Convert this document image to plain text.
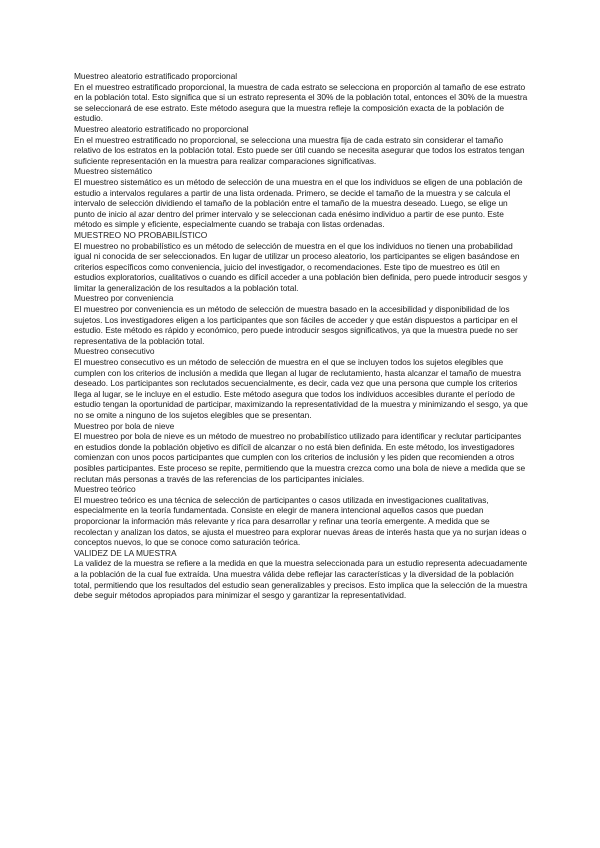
Muestreo aleatorio estratificado proporcional

En el muestreo estratificado proporcional, la muestra de cada estrato se selecciona en proporción al tamaño de ese estrato en la población total. Esto significa que si un estrato representa el 30% de la población total, entonces el 30% de la muestra se seleccionará de ese estrato. Este método asegura que la muestra refleje la composición exacta de la población de estudio.

Muestreo aleatorio estratificado no proporcional

En el muestreo estratificado no proporcional, se selecciona una muestra fija de cada estrato sin considerar el tamaño relativo de los estratos en la población total. Esto puede ser útil cuando se necesita asegurar que todos los estratos tengan suficiente representación en la muestra para realizar comparaciones significativas.

Muestreo sistemático

El muestreo sistemático es un método de selección de una muestra en el que los individuos se eligen de una población de estudio a intervalos regulares a partir de una lista ordenada. Primero, se decide el tamaño de la muestra y se calcula el intervalo de selección dividiendo el tamaño de la población entre el tamaño de la muestra deseado. Luego, se elige un punto de inicio al azar dentro del primer intervalo y se seleccionan cada enésimo individuo a partir de ese punto. Este método es simple y eficiente, especialmente cuando se trabaja con listas ordenadas.

MUESTREO NO PROBABILÍSTICO

El muestreo no probabilístico es un método de selección de muestra en el que los individuos no tienen una probabilidad igual ni conocida de ser seleccionados. En lugar de utilizar un proceso aleatorio, los participantes se eligen basándose en criterios específicos como conveniencia, juicio del investigador, o recomendaciones. Este tipo de muestreo es útil en estudios exploratorios, cualitativos o cuando es difícil acceder a una población bien definida, pero puede introducir sesgos y limitar la generalización de los resultados a la población total.

Muestreo por conveniencia

El muestreo por conveniencia es un método de selección de muestra basado en la accesibilidad y disponibilidad de los sujetos. Los investigadores eligen a los participantes que son fáciles de acceder y que están dispuestos a participar en el estudio. Este método es rápido y económico, pero puede introducir sesgos significativos, ya que la muestra puede no ser representativa de la población total.

Muestreo consecutivo

El muestreo consecutivo es un método de selección de muestra en el que se incluyen todos los sujetos elegibles que cumplen con los criterios de inclusión a medida que llegan al lugar de reclutamiento, hasta alcanzar el tamaño de muestra deseado. Los participantes son reclutados secuencialmente, es decir, cada vez que una persona que cumple los criterios llega al lugar, se le incluye en el estudio. Este método asegura que todos los individuos accesibles durante el período de estudio tengan la oportunidad de participar, maximizando la representatividad de la muestra y minimizando el sesgo, ya que no se omite a ninguno de los sujetos elegibles que se presentan.

Muestreo por bola de nieve

El muestreo por bola de nieve es un método de muestreo no probabilístico utilizado para identificar y reclutar participantes en estudios donde la población objetivo es difícil de alcanzar o no está bien definida. En este método, los investigadores comienzan con unos pocos participantes que cumplen con los criterios de inclusión y les piden que recomienden a otros posibles participantes. Este proceso se repite, permitiendo que la muestra crezca como una bola de nieve a medida que se reclutan más personas a través de las referencias de los participantes iniciales.

Muestreo teórico

El muestreo teórico es una técnica de selección de participantes o casos utilizada en investigaciones cualitativas, especialmente en la teoría fundamentada. Consiste en elegir de manera intencional aquellos casos que puedan proporcionar la información más relevante y rica para desarrollar y refinar una teoría emergente. A medida que se recolectan y analizan los datos, se ajusta el muestreo para explorar nuevas áreas de interés hasta que ya no surjan ideas o conceptos nuevos, lo que se conoce como saturación teórica.

VALIDEZ DE LA MUESTRA

La validez de la muestra se refiere a la medida en que la muestra seleccionada para un estudio representa adecuadamente a la población de la cual fue extraída. Una muestra válida debe reflejar las características y la diversidad de la población total, permitiendo que los resultados del estudio sean generalizables y precisos. Esto implica que la selección de la muestra debe seguir métodos apropiados para minimizar el sesgo y garantizar la representatividad.
